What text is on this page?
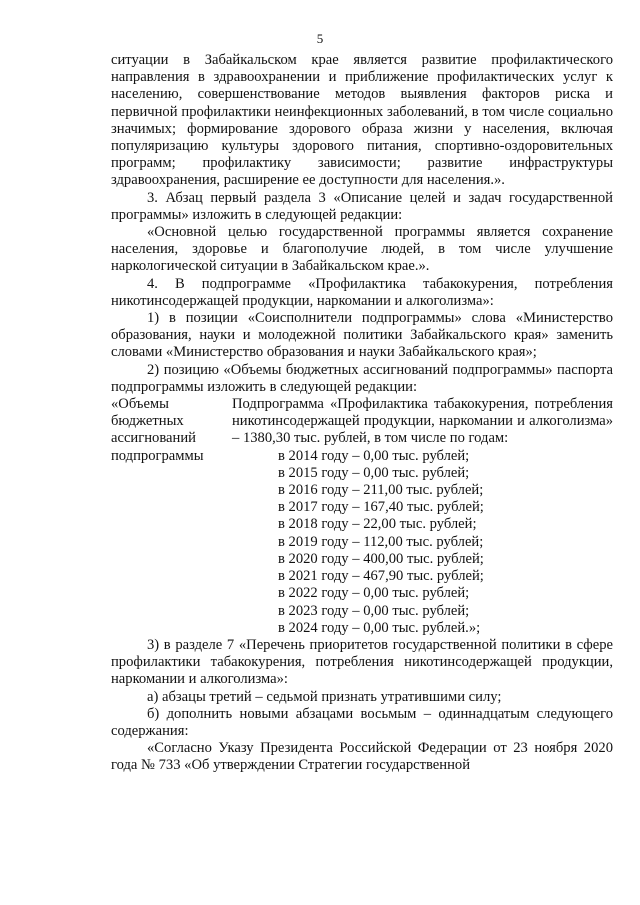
5

ситуации в Забайкальском крае является развитие профилактического направления в здравоохранении и приближение профилактических услуг к населению, совершенствование методов выявления факторов риска и первичной профилактики неинфекционных заболеваний, в том числе социально значимых; формирование здорового образа жизни у населения, включая популяризацию культуры здорового питания, спортивно-оздоровительных программ; профилактику зависимости; развитие инфраструктуры здравоохранения, расширение ее доступности для населения.».

3. Абзац первый раздела 3 «Описание целей и задач государственной программы» изложить в следующей редакции:

«Основной целью государственной программы является сохранение населения, здоровье и благополучие людей, в том числе улучшение наркологической ситуации в Забайкальском крае.».

4. В подпрограмме «Профилактика табакокурения, потребления никотинсодержащей продукции, наркомании и алкоголизма»:

1) в позиции «Соисполнители подпрограммы» слова «Министерство образования, науки и молодежной политики Забайкальского края» заменить словами «Министерство образования и науки Забайкальского края»;

2) позицию «Объемы бюджетных ассигнований подпрограммы» паспорта подпрограммы изложить в следующей редакции:

«Объемы бюджетных ассигнований подпрограммы

Подпрограмма «Профилактика табакокурения, потребления никотинсодержащей продукции, наркомании и алкоголизма» – 1380,30 тыс. рублей, в том числе по годам:

в 2014 году – 0,00 тыс. рублей;
в 2015 году – 0,00 тыс. рублей;
в 2016 году – 211,00 тыс. рублей;
в 2017 году – 167,40 тыс. рублей;
в 2018 году – 22,00 тыс. рублей;
в 2019 году – 112,00 тыс. рублей;
в 2020 году – 400,00 тыс. рублей;
в 2021 году – 467,90 тыс. рублей;
в 2022 году – 0,00 тыс. рублей;
в 2023 году – 0,00 тыс. рублей;
в 2024 году – 0,00 тыс. рублей.»;

3) в разделе 7 «Перечень приоритетов государственной политики в сфере профилактики табакокурения, потребления никотинсодержащей продукции, наркомании и алкоголизма»:

а) абзацы третий – седьмой признать утратившими силу;

б) дополнить новыми абзацами восьмым – одиннадцатым следующего содержания:

«Согласно Указу Президента Российской Федерации от 23 ноября 2020 года № 733 «Об утверждении Стратегии государственной
